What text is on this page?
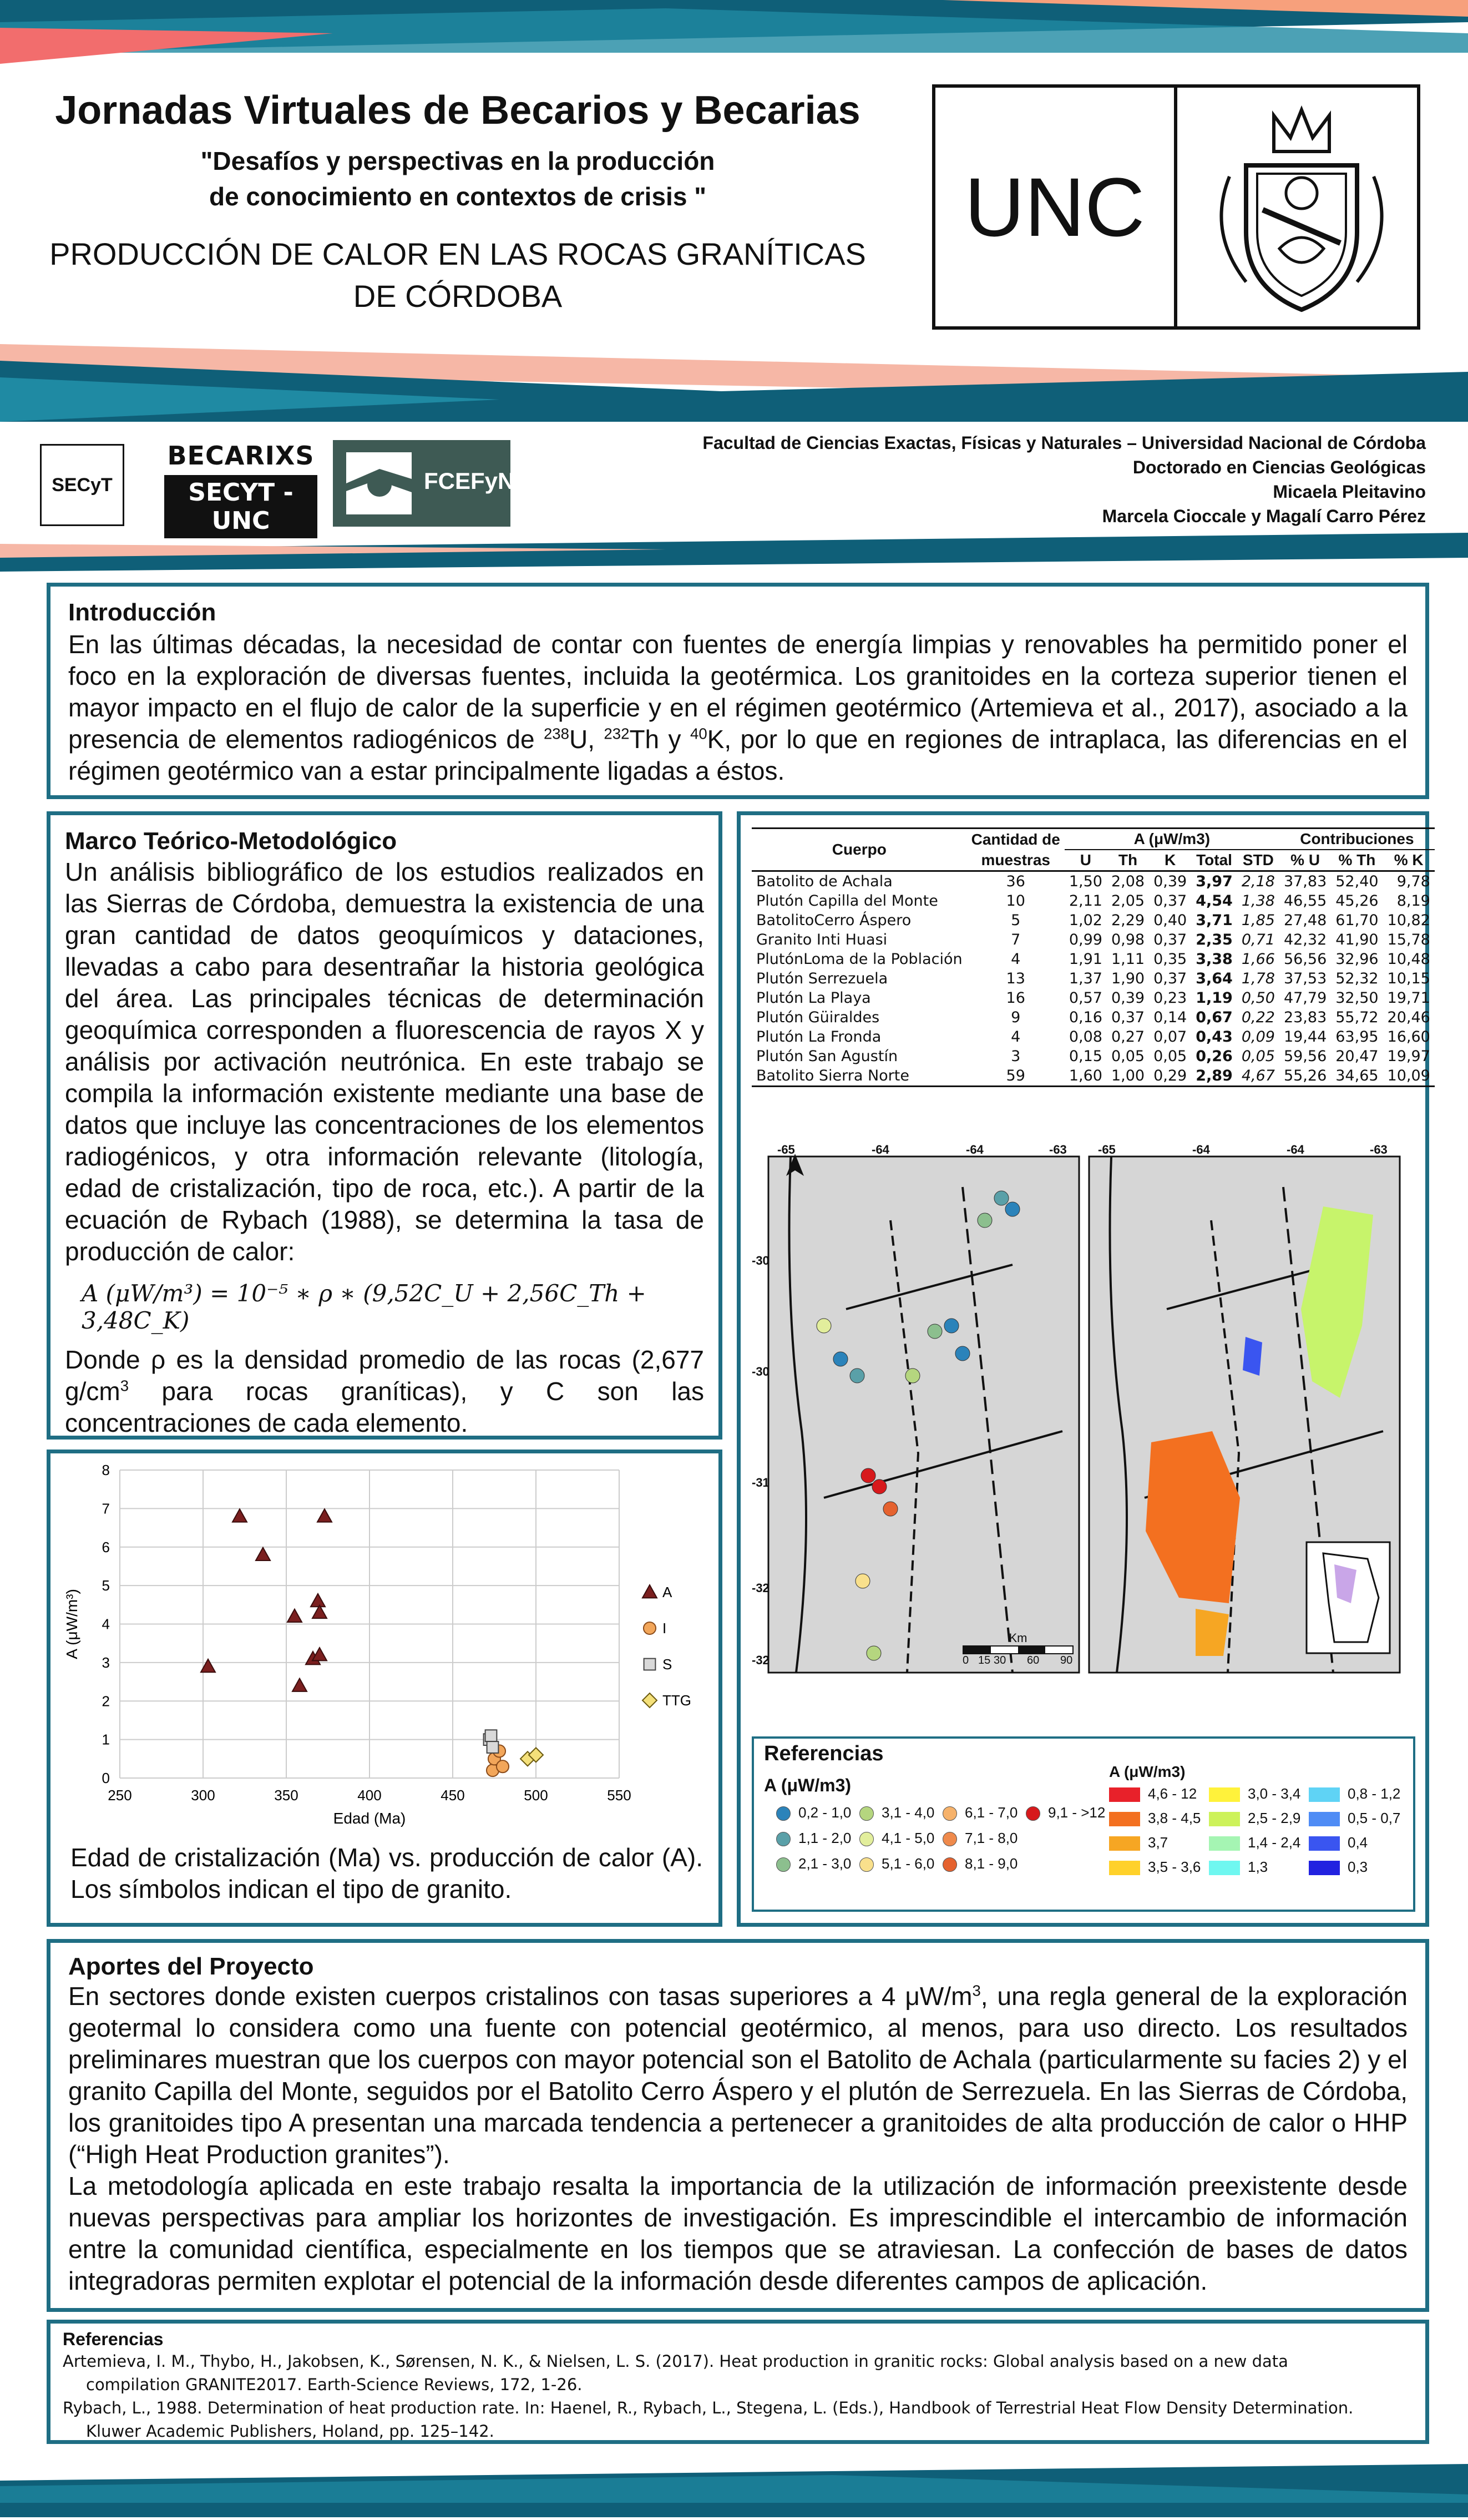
Jornadas Virtuales de Becarios y Becarias
"Desafíos y perspectivas en la producción
de conocimiento en contextos de crisis "
PRODUCCIÓN DE CALOR EN LAS ROCAS GRANÍTICAS
DE CÓRDOBA
UNC
SECyT
BECARIXS
SECYT -UNC
FCEFyN
Facultad de Ciencias Exactas, Físicas y Naturales – Universidad Nacional de Córdoba
Doctorado en Ciencias Geológicas
Micaela Pleitavino
Marcela Cioccale y Magalí Carro Pérez
Introducción
En las últimas décadas, la necesidad de contar con fuentes de energía limpias y renovables ha permitido poner el foco en la exploración de diversas fuentes, incluida la geotérmica. Los granitoides en la corteza superior tienen el mayor impacto en el flujo de calor de la superficie y en el régimen geotérmico (Artemieva et al., 2017), asociado a la presencia de elementos radiogénicos de $^{238}$U, $^{232}$Th y $^{40}$K, por lo que en regiones de intraplaca, las diferencias en el régimen geotérmico van a estar principalmente ligadas a éstos.
Marco Teórico-Metodológico
Un análisis bibliográfico de los estudios realizados en las Sierras de Córdoba, demuestra la existencia de una gran cantidad de datos geoquímicos y dataciones, llevadas a cabo para desentrañar la historia geológica del área. Las principales técnicas de determinación geoquímica corresponden a fluorescencia de rayos X y análisis por activación neutrónica. En este trabajo se compila la información existente mediante una base de datos que incluye las concentraciones de los elementos radiogénicos, y otra información relevante (litología, edad de cristalización, tipo de roca, etc.). A partir de la ecuación de Rybach (1988), se determina la tasa de producción de calor:
A (μW/m³) = 10⁻⁵ ∗ ρ ∗ (9,52C_U + 2,56C_Th + 3,48C_K)
Donde ρ es la densidad promedio de las rocas (2,677 $g/cm^3$ para rocas graníticas), y C son las concentraciones de cada elemento.
0
1
2
3
4
5
6
7
8
250	300	350	400	450	500	550
Edad (Ma)
A (μW/m³)	A
I
S
TTG
Edad de cristalización (Ma) vs. producción de calor (A). Los símbolos indican el tipo de granito.
Cuerpo	Cantidad de	A (μW/m3)					Contribuciones		
	muestras	U	Th	K	Total	STD	% U	% Th	% K
Batolito de Achala	36	1,50	2,08	0,39	3,97	2,18	37,83	52,40	9,78
Plutón Capilla del Monte	10	2,11	2,05	0,37	4,54	1,38	46,55	45,26	8,19
BatolitoCerro Áspero	5	1,02	2,29	0,40	3,71	1,85	27,48	61,70	10,82
Granito Inti Huasi	7	0,99	0,98	0,37	2,35	0,71	42,32	41,90	15,78
PlutónLoma de la Población	4	1,91	1,11	0,35	3,38	1,66	56,56	32,96	10,48
Plutón Serrezuela	13	1,37	1,90	0,37	3,64	1,78	37,53	52,32	10,15
Plutón La Playa	16	0,57	0,39	0,23	1,19	0,50	47,79	32,50	19,71
Plutón Güiraldes	9	0,16	0,37	0,14	0,67	0,22	23,83	55,72	20,46
Plutón La Fronda	4	0,08	0,27	0,07	0,43	0,09	19,44	63,95	16,60
Plutón San Agustín	3	0,15	0,05	0,05	0,26	0,05	59,56	20,47	19,97
Batolito Sierra Norte	59	1,60	1,00	0,29	2,89	4,67	55,26	34,65	10,09
-65	-64	-64	-63	-65	-64	-64	-63
-30
-30
-31
-32
-32
Km
0 15 30 60 90
Referencias
A (μW/m3)
A (μW/m3)
0,2 - 1,0
1,1 - 2,0
2,1 - 3,0
3,1 - 4,0
4,1 - 5,0
5,1 - 6,0
6,1 - 7,0
7,1 - 8,0
8,1 - 9,0
9,1 - >12
4,6 - 12
3,8 - 4,5
3,7
3,5 - 3,6
3,0 - 3,4
2,5 - 2,9
1,4 - 2,4
1,3
0,8 - 1,2
0,5 - 0,7
0,4
0,3
Aportes del Proyecto
En sectores donde existen cuerpos cristalinos con tasas superiores a 4 $\mu W/m^3$, una regla general de la exploración geotermal lo considera como una fuente con potencial geotérmico, al menos, para uso directo. Los resultados preliminares muestran que los cuerpos con mayor potencial son el Batolito de Achala (particularmente su facies 2) y el granito Capilla del Monte, seguidos por el Batolito Cerro Áspero y el plutón de Serrezuela. En las Sierras de Córdoba, los granitoides tipo A presentan una marcada tendencia a pertenecer a granitoides de alta producción de calor o HHP (“High Heat Production granites”).
La metodología aplicada en este trabajo resalta la importancia de la utilización de información preexistente desde nuevas perspectivas para ampliar los horizontes de investigación. Es imprescindible el intercambio de información entre la comunidad científica, especialmente en los tiempos que se atraviesan. La confección de bases de datos integradoras permiten explotar el potencial de la información desde diferentes campos de aplicación.
Referencias
Artemieva, I. M., Thybo, H., Jakobsen, K., Sørensen, N. K., & Nielsen, L. S. (2017). Heat production in granitic rocks: Global analysis based on a new data
compilation GRANITE2017. Earth-Science Reviews, 172, 1-26.
Rybach, L., 1988. Determination of heat production rate. In: Haenel, R., Rybach, L., Stegena, L. (Eds.), Handbook of Terrestrial Heat Flow Density Determination.
Kluwer Academic Publishers, Holand, pp. 125–142.
